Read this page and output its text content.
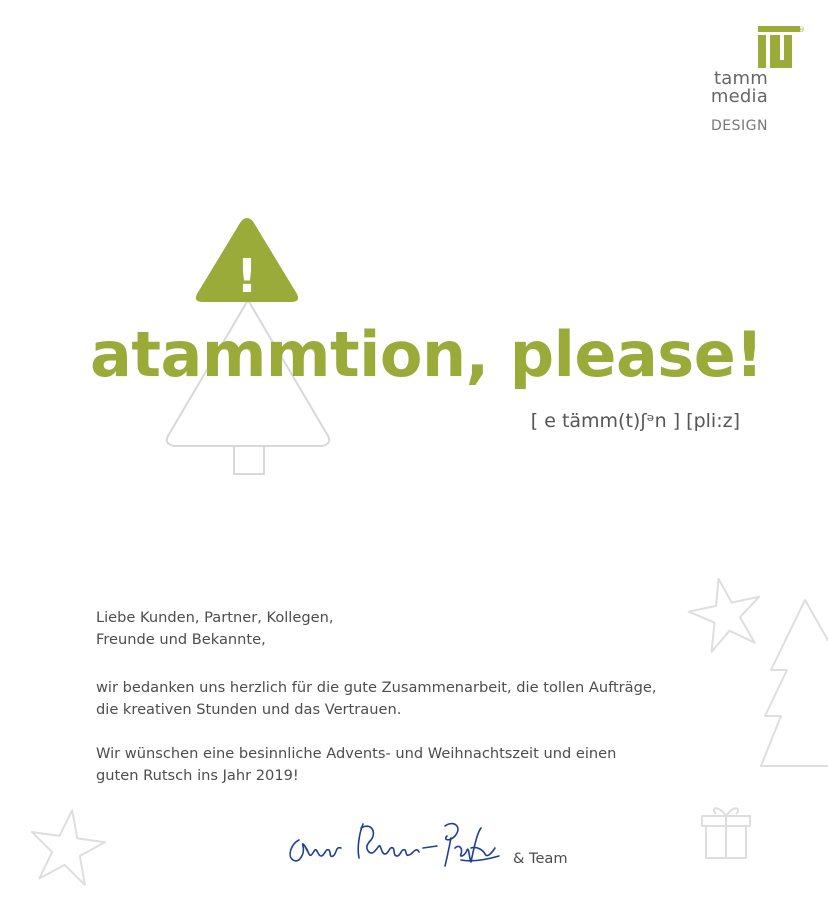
®
tamm
media
DESIGN
!
atammtion, please!
[ e tämm(t)ʃᵊn ] [pli:z]
Liebe Kunden, Partner, Kollegen,
Freunde und Bekannte,
wir bedanken uns herzlich für die gute Zusammenarbeit, die tollen Aufträge,
die kreativen Stunden und das Vertrauen.
Wir wünschen eine besinnliche Advents- und Weihnachtszeit und einen
guten Rutsch ins Jahr 2019!
& Team
